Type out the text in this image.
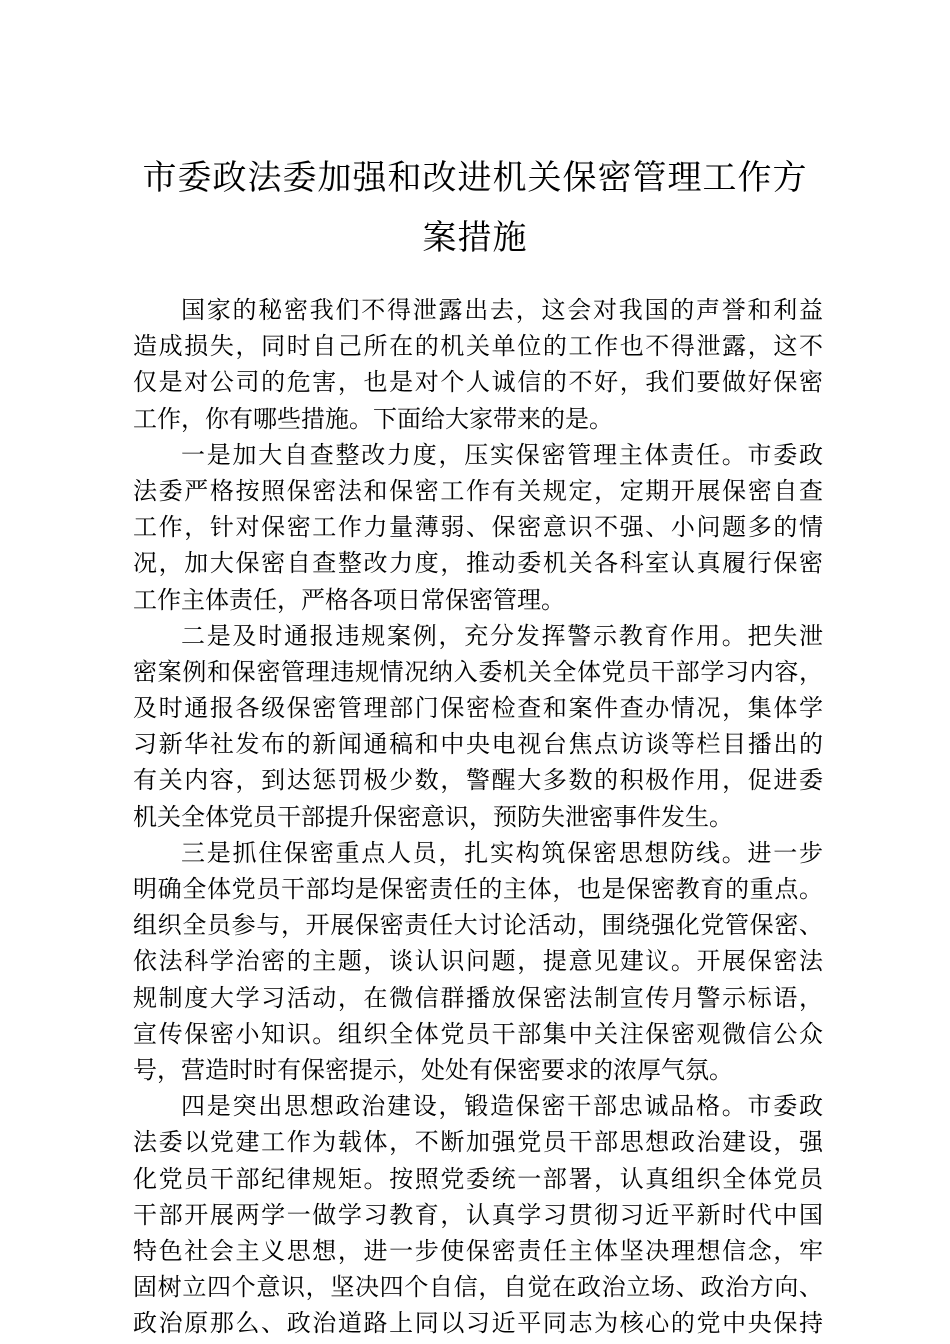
市委政法委加强和改进机关保密管理工作方
案措施
国家的秘密我们不得泄露出去，这会对我国的声誉和利益
造成损失，同时自己所在的机关单位的工作也不得泄露，这不
仅是对公司的危害，也是对个人诚信的不好，我们要做好保密
工作，你有哪些措施。下面给大家带来的是。
一是加大自查整改力度，压实保密管理主体责任。市委政
法委严格按照保密法和保密工作有关规定，定期开展保密自查
工作，针对保密工作力量薄弱、保密意识不强、小问题多的情
况，加大保密自查整改力度，推动委机关各科室认真履行保密
工作主体责任，严格各项日常保密管理。
二是及时通报违规案例，充分发挥警示教育作用。把失泄
密案例和保密管理违规情况纳入委机关全体党员干部学习内容，
及时通报各级保密管理部门保密检查和案件查办情况，集体学
习新华社发布的新闻通稿和中央电视台焦点访谈等栏目播出的
有关内容，到达惩罚极少数，警醒大多数的积极作用，促进委
机关全体党员干部提升保密意识，预防失泄密事件发生。
三是抓住保密重点人员，扎实构筑保密思想防线。进一步
明确全体党员干部均是保密责任的主体，也是保密教育的重点。
组织全员参与，开展保密责任大讨论活动，围绕强化党管保密、
依法科学治密的主题，谈认识问题，提意见建议。开展保密法
规制度大学习活动，在微信群播放保密法制宣传月警示标语，
宣传保密小知识。组织全体党员干部集中关注保密观微信公众
号，营造时时有保密提示，处处有保密要求的浓厚气氛。
四是突出思想政治建设，锻造保密干部忠诚品格。市委政
法委以党建工作为载体，不断加强党员干部思想政治建设，强
化党员干部纪律规矩。按照党委统一部署，认真组织全体党员
干部开展两学一做学习教育，认真学习贯彻习近平新时代中国
特色社会主义思想，进一步使保密责任主体坚决理想信念，牢
固树立四个意识，坚决四个自信，自觉在政治立场、政治方向、
政治原那么、政治道路上同以习近平同志为核心的党中央保持
